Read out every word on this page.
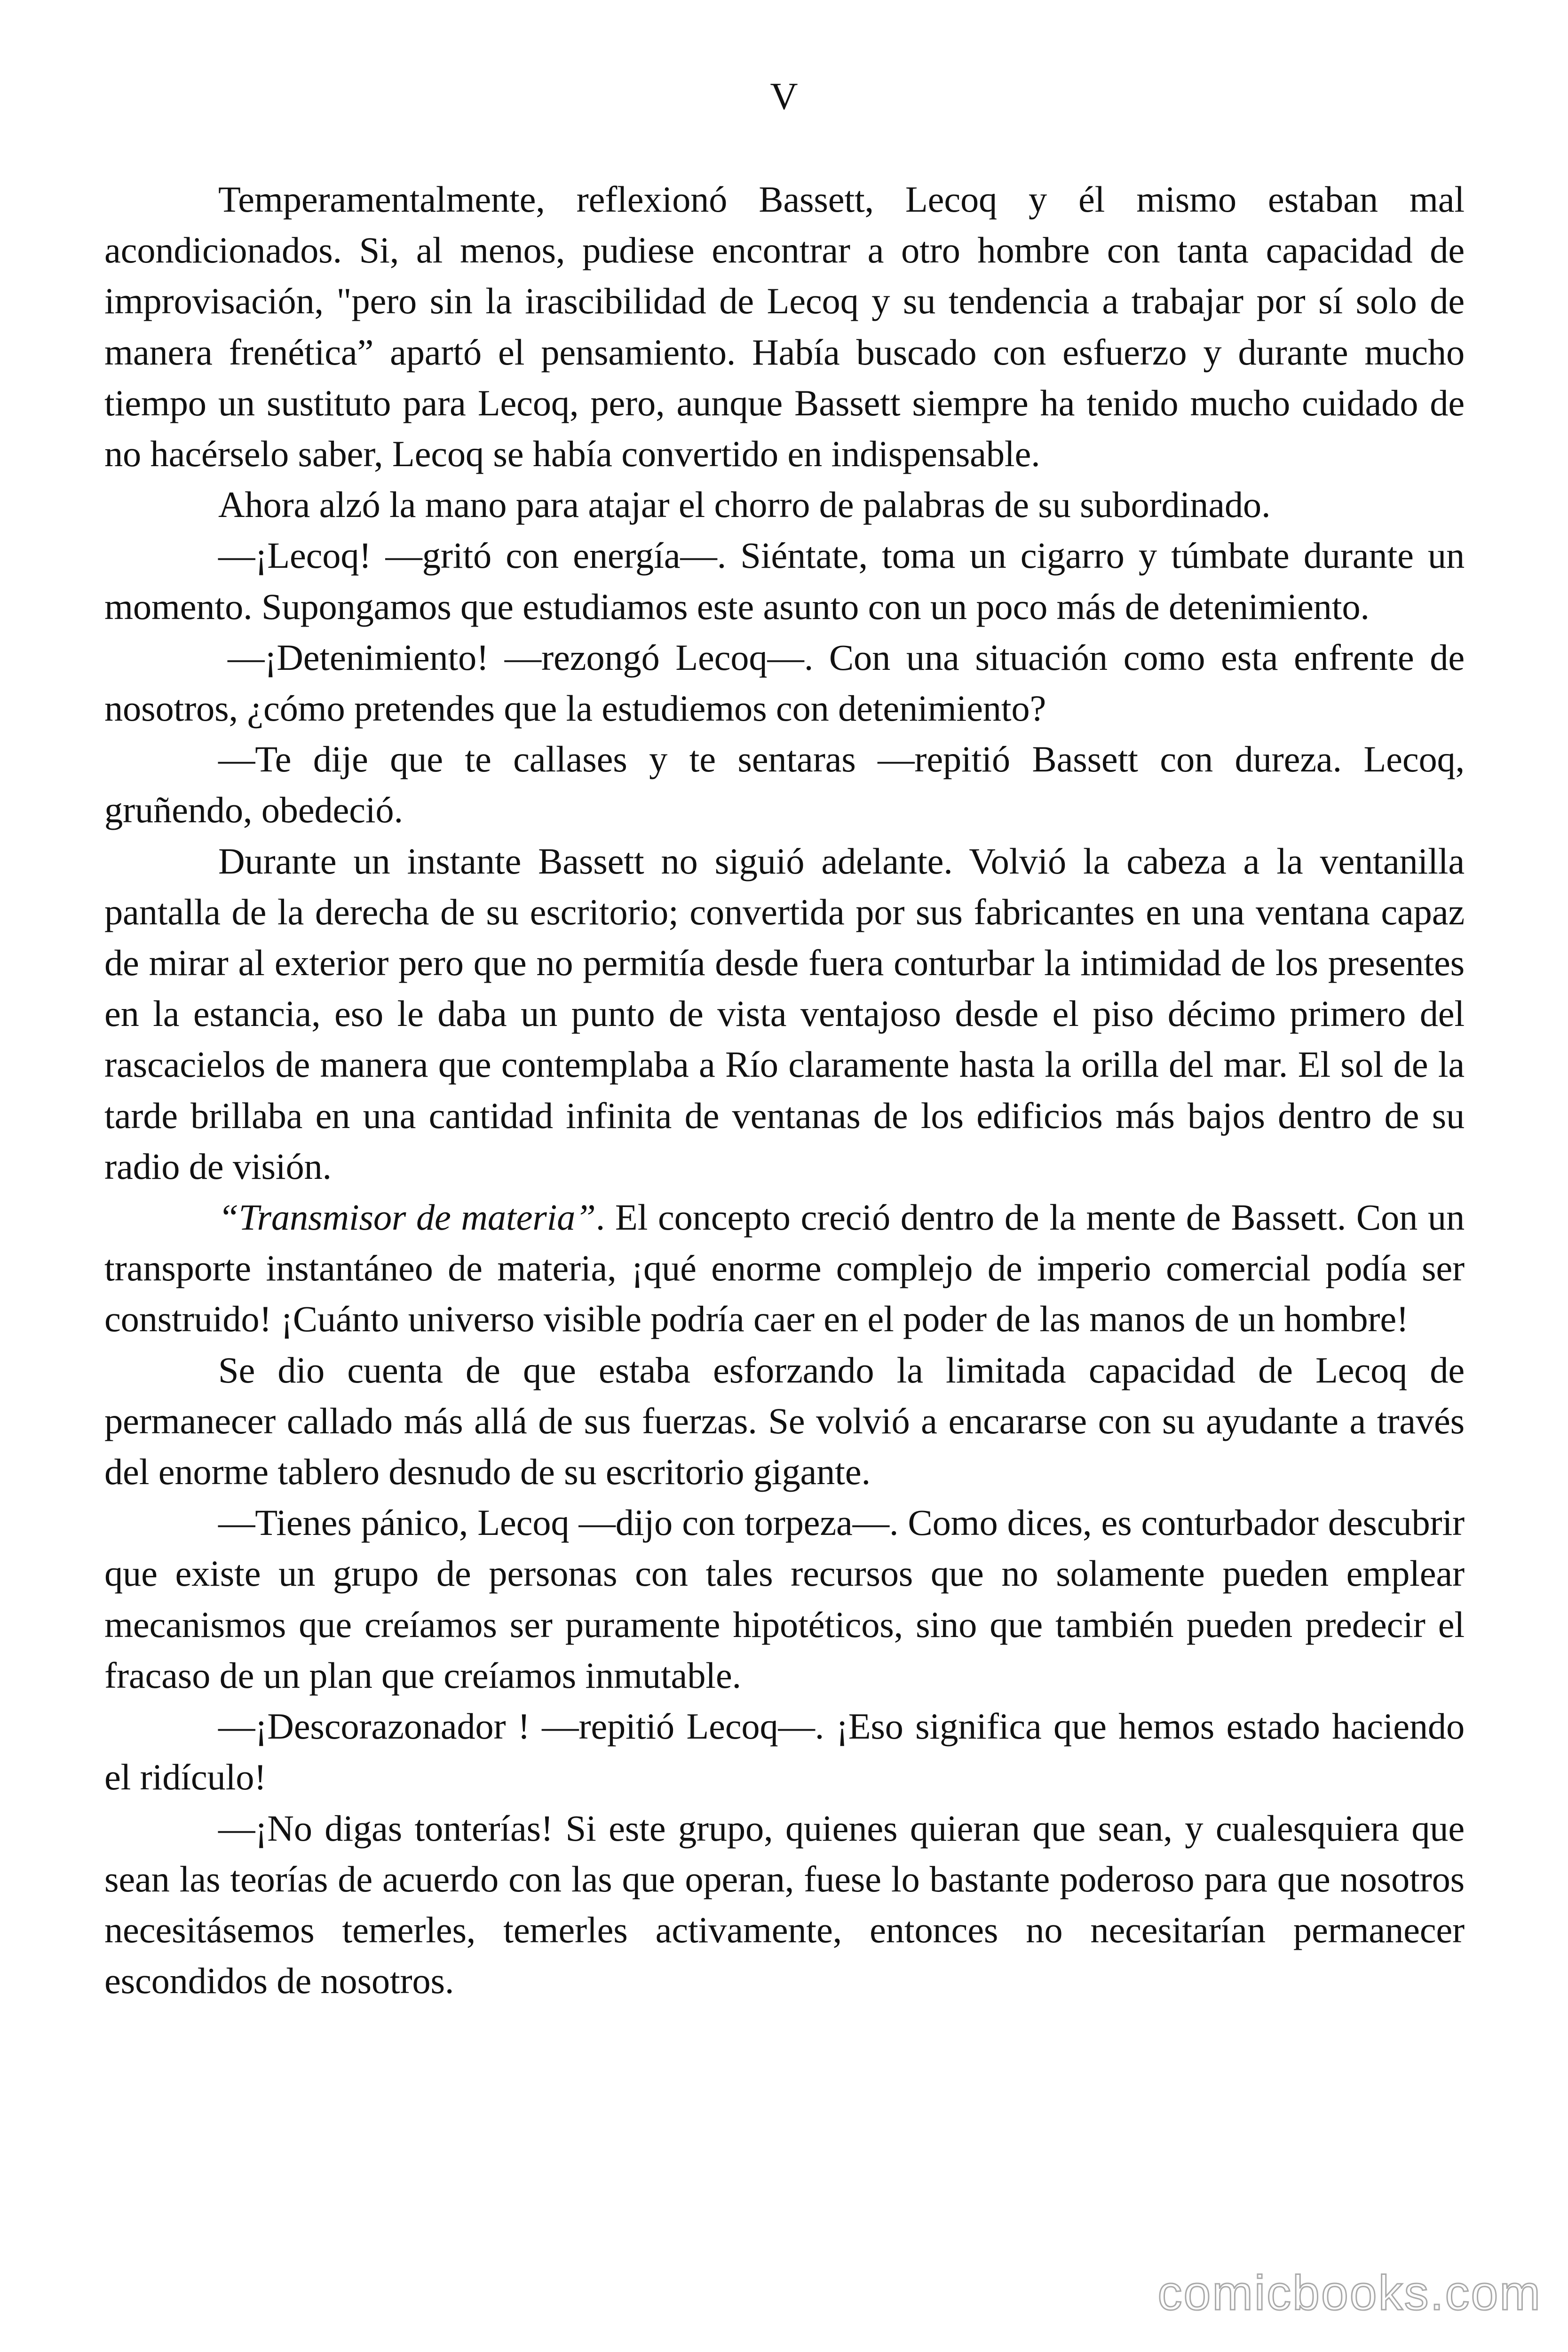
V

Temperamentalmente, reflexionó Bassett, Lecoq y él mismo estaban mal acondicionados. Si, al menos, pudiese encontrar a otro hombre con tanta capacidad de improvisación, "pero sin la irascibilidad de Lecoq y su tendencia a trabajar por sí solo de manera frenética” apartó el pensamiento. Había buscado con esfuerzo y durante mucho tiempo un sustituto para Lecoq, pero, aunque Bassett siempre ha tenido mucho cuidado de no hacérselo saber, Lecoq se había convertido en indispensable.

Ahora alzó la mano para atajar el chorro de palabras de su subordinado.

—¡Lecoq! —gritó con energía—. Siéntate, toma un cigarro y túmbate durante un momento. Supongamos que estudiamos este asunto con un poco más de detenimiento.

—¡Detenimiento! —rezongó Lecoq—. Con una situación como esta enfrente de nosotros, ¿cómo pretendes que la estudiemos con detenimiento?

—Te dije que te callases y te sentaras —repitió Bassett con dureza. Lecoq, gruñendo, obedeció.

Durante un instante Bassett no siguió adelante. Volvió la cabeza a la ventanilla pantalla de la derecha de su escritorio; convertida por sus fabricantes en una ventana capaz de mirar al exterior pero que no permitía desde fuera conturbar la intimidad de los presentes en la estancia, eso le daba un punto de vista ventajoso desde el piso décimo primero del rascacielos de manera que contemplaba a Río claramente hasta la orilla del mar. El sol de la tarde brillaba en una cantidad infinita de ventanas de los edificios más bajos dentro de su radio de visión.

“Transmisor de materia”. El concepto creció dentro de la mente de Bassett. Con un transporte instantáneo de materia, ¡qué enorme complejo de imperio comercial podía ser construido! ¡Cuánto universo visible podría caer en el poder de las manos de un hombre!

Se dio cuenta de que estaba esforzando la limitada capacidad de Lecoq de permanecer callado más allá de sus fuerzas. Se volvió a encararse con su ayudante a través del enorme tablero desnudo de su escritorio gigante.

—Tienes pánico, Lecoq —dijo con torpeza—. Como dices, es conturbador descubrir que existe un grupo de personas con tales recursos que no solamente pueden emplear mecanismos que creíamos ser puramente hipotéticos, sino que también pueden predecir el fracaso de un plan que creíamos inmutable.

—¡Descorazonador ! —repitió Lecoq—. ¡Eso significa que hemos estado haciendo el ridículo!

—¡No digas tonterías! Si este grupo, quienes quieran que sean, y cualesquiera que sean las teorías de acuerdo con las que operan, fuese lo bastante poderoso para que nosotros necesitásemos temerles, temerles activamente, entonces no necesitarían permanecer escondidos de nosotros.

comicbooks.com
